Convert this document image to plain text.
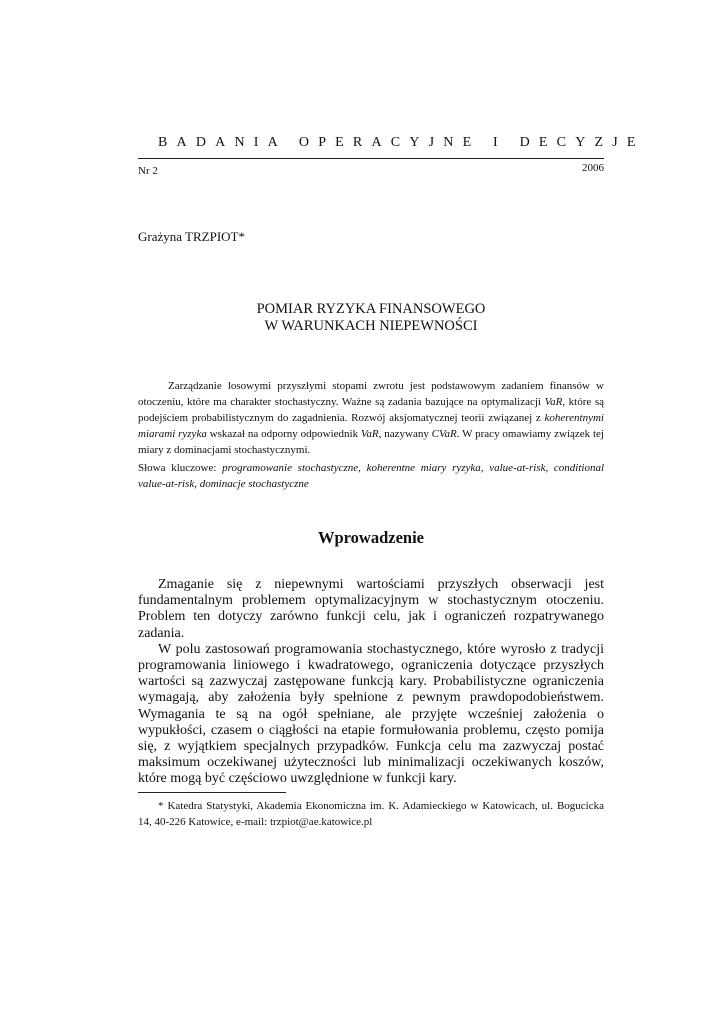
BADANIA OPERACYJNE I DECYZJE
Nr 2	2006
Grażyna TRZPIOT*
POMIAR RYZYKA FINANSOWEGO
W WARUNKACH NIEPEWNOŚCI
Zarządzanie losowymi przyszłymi stopami zwrotu jest podstawowym zadaniem finansów w otoczeniu, które ma charakter stochastyczny. Ważne są zadania bazujące na optymalizacji VaR, które są podejściem probabilistycznym do zagadnienia. Rozwój aksjomatycznej teorii związanej z koherentnymi miarami ryzyka wskazał na odporny odpowiednik VaR, nazywany CVaR. W pracy omawiamy związek tej miary z dominacjami stochastycznymi.
Słowa kluczowe: programowanie stochastyczne, koherentne miary ryzyka, value-at-risk, conditional value-at-risk, dominacje stochastyczne
Wprowadzenie

Zmaganie się z niepewnymi wartościami przyszłych obserwacji jest fundamentalnym problemem optymalizacyjnym w stochastycznym otoczeniu. Problem ten dotyczy zarówno funkcji celu, jak i ograniczeń rozpatrywanego zadania.

W polu zastosowań programowania stochastycznego, które wyrosło z tradycji programowania liniowego i kwadratowego, ograniczenia dotyczące przyszłych wartości są zazwyczaj zastępowane funkcją kary. Probabilistyczne ograniczenia wymagają, aby założenia były spełnione z pewnym prawdopodobieństwem. Wymagania te są na ogół spełniane, ale przyjęte wcześniej założenia o wypukłości, czasem o ciągłości na etapie formułowania problemu, często pomija się, z wyjątkiem specjalnych przypadków. Funkcja celu ma zazwyczaj postać maksimum oczekiwanej użyteczności lub minimalizacji oczekiwanych koszów, które mogą być częściowo uwzględnione w funkcji kary.

* Katedra Statystyki, Akademia Ekonomiczna im. K. Adamieckiego w Katowicach, ul. Bogucicka 14, 40-226 Katowice, e-mail: trzpiot@ae.katowice.pl
